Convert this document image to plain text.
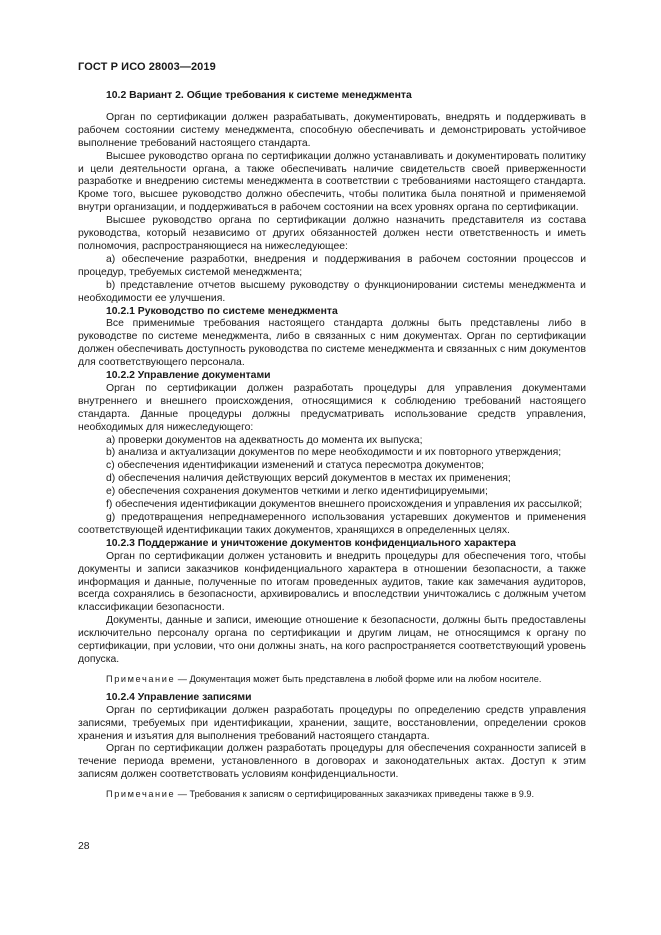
ГОСТ Р ИСО 28003—2019

10.2 Вариант 2. Общие требования к системе менеджмента

Орган по сертификации должен разрабатывать, документировать, внедрять и поддерживать в рабочем состоянии систему менеджмента, способную обеспечивать и демонстрировать устойчивое выполнение требований настоящего стандарта.

Высшее руководство органа по сертификации должно устанавливать и документировать политику и цели деятельности органа, а также обеспечивать наличие свидетельств своей приверженности разработке и внедрению системы менеджмента в соответствии с требованиями настоящего стандарта. Кроме того, высшее руководство должно обеспечить, чтобы политика была понятной и применяемой внутри организации, и поддерживаться в рабочем состоянии на всех уровнях органа по сертификации.

Высшее руководство органа по сертификации должно назначить представителя из состава руководства, который независимо от других обязанностей должен нести ответственность и иметь полномочия, распространяющиеся на нижеследующее:

a) обеспечение разработки, внедрения и поддерживания в рабочем состоянии процессов и процедур, требуемых системой менеджмента;

b) представление отчетов высшему руководству о функционировании системы менеджмента и необходимости ее улучшения.

10.2.1 Руководство по системе менеджмента

Все применимые требования настоящего стандарта должны быть представлены либо в руководстве по системе менеджмента, либо в связанных с ним документах. Орган по сертификации должен обеспечивать доступность руководства по системе менеджмента и связанных с ним документов для соответствующего персонала.

10.2.2 Управление документами

Орган по сертификации должен разработать процедуры для управления документами внутреннего и внешнего происхождения, относящимися к соблюдению требований настоящего стандарта. Данные процедуры должны предусматривать использование средств управления, необходимых для нижеследующего:

a) проверки документов на адекватность до момента их выпуска;

b) анализа и актуализации документов по мере необходимости и их повторного утверждения;

c) обеспечения идентификации изменений и статуса пересмотра документов;

d) обеспечения наличия действующих версий документов в местах их применения;

e) обеспечения сохранения документов четкими и легко идентифицируемыми;

f) обеспечения идентификации документов внешнего происхождения и управления их рассылкой;

g) предотвращения непреднамеренного использования устаревших документов и применения соответствующей идентификации таких документов, хранящихся в определенных целях.

10.2.3 Поддержание и уничтожение документов конфиденциального характера

Орган по сертификации должен установить и внедрить процедуры для обеспечения того, чтобы документы и записи заказчиков конфиденциального характера в отношении безопасности, а также информация и данные, полученные по итогам проведенных аудитов, такие как замечания аудиторов, всегда сохранялись в безопасности, архивировались и впоследствии уничтожались с должным учетом классификации безопасности.

Документы, данные и записи, имеющие отношение к безопасности, должны быть предоставлены исключительно персоналу органа по сертификации и другим лицам, не относящимся к органу по сертификации, при условии, что они должны знать, на кого распространяется соответствующий уровень допуска.

Примечание — Документация может быть представлена в любой форме или на любом носителе.

10.2.4 Управление записями

Орган по сертификации должен разработать процедуры по определению средств управления записями, требуемых при идентификации, хранении, защите, восстановлении, определении сроков хранения и изъятия для выполнения требований настоящего стандарта.

Орган по сертификации должен разработать процедуры для обеспечения сохранности записей в течение периода времени, установленного в договорах и законодательных актах. Доступ к этим записям должен соответствовать условиям конфиденциальности.

Примечание — Требования к записям о сертифицированных заказчиках приведены также в 9.9.

28
